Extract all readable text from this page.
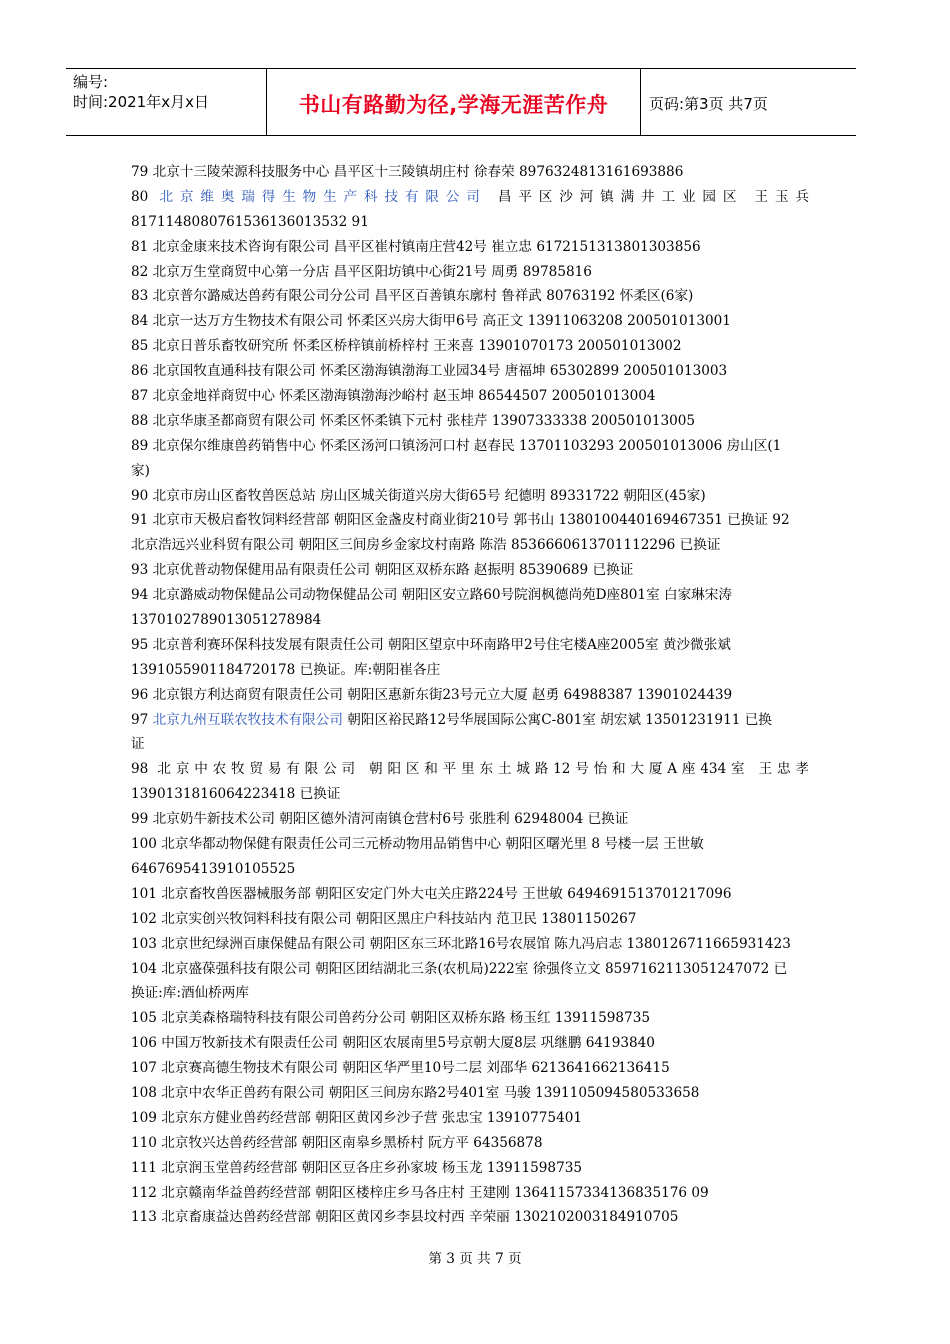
编号:
时间:2021年x月x日	书山有路勤为径,学海无涯苦作舟	页码:第3页 共7页
79 北京十三陵荣源科技服务中心 昌平区十三陵镇胡庄村 徐春荣 8976324813161693886
80 北京维奥瑞得生物生产科技有限公司 昌平区沙河镇满井工业园区 王玉兵
8171148080761536136013532 91
81 北京金康来技术咨询有限公司 昌平区崔村镇南庄营42号 崔立忠 6172151313801303856
82 北京万生堂商贸中心第一分店 昌平区阳坊镇中心街21号 周勇 89785816
83 北京普尔潞威达兽药有限公司分公司 昌平区百善镇东廓村 鲁祥武 80763192 怀柔区(6家)
84 北京一达万方生物技术有限公司 怀柔区兴房大街甲6号 高正文 13911063208 200501013001
85 北京日普乐畜牧研究所 怀柔区桥梓镇前桥梓村 王来喜 13901070173 200501013002
86 北京国牧直通科技有限公司 怀柔区渤海镇渤海工业园34号 唐福坤 65302899 200501013003
87 北京金地祥商贸中心 怀柔区渤海镇渤海沙峪村 赵玉坤 86544507 200501013004
88 北京华康圣都商贸有限公司 怀柔区怀柔镇下元村 张桂芹 13907333338 200501013005
89 北京保尔维康兽药销售中心 怀柔区汤河口镇汤河口村 赵春民 13701103293 200501013006 房山区(1
家)
90 北京市房山区畜牧兽医总站 房山区城关街道兴房大街65号 纪德明 89331722 朝阳区(45家)
91 北京市天极启畜牧饲料经营部 朝阳区金盏皮村商业街210号 郭书山 1380100440169467351 已换证 92
北京浩远兴业科贸有限公司 朝阳区三间房乡金家坟村南路 陈浩 8536660613701112296 已换证
93 北京优普动物保健用品有限责任公司 朝阳区双桥东路 赵振明 85390689 已换证
94 北京潞威动物保健品公司动物保健品公司 朝阳区安立路60号院润枫德尚苑D座801室 白家琳宋涛
1370102789013051278984
95 北京普利赛环保科技发展有限责任公司 朝阳区望京中环南路甲2号住宅楼A座2005室 黄沙微张斌
1391055901184720178 已换证。库:朝阳崔各庄
96 北京银方利达商贸有限责任公司 朝阳区惠新东街23号元立大厦 赵勇 64988387 13901024439
97 北京九州互联农牧技术有限公司 朝阳区裕民路12号华展国际公寓C-801室 胡宏斌 13501231911 已换
证
98 北京中农牧贸易有限公司 朝阳区和平里东土城路12号怡和大厦A座434室 王忠孝
1390131816064223418 已换证
99 北京奶牛新技术公司 朝阳区德外清河南镇仓营村6号 张胜利 62948004 已换证
100 北京华都动物保健有限责任公司三元桥动物用品销售中心 朝阳区曙光里 8 号楼一层 王世敏
6467695413910105525
101 北京畜牧兽医器械服务部 朝阳区安定门外大屯关庄路224号 王世敏 6494691513701217096
102 北京实创兴牧饲料科技有限公司 朝阳区黑庄户科技站内 范卫民 13801150267
103 北京世纪绿洲百康保健品有限公司 朝阳区东三环北路16号农展馆 陈九冯启志 1380126711665931423
104 北京盛葆强科技有限公司 朝阳区团结湖北三条(农机局)222室 徐强佟立文 8597162113051247072 已
换证:库:酒仙桥两库
105 北京美森格瑞特科技有限公司兽药分公司 朝阳区双桥东路 杨玉红 13911598735
106 中国万牧新技术有限责任公司 朝阳区农展南里5号京朝大厦8层 巩继鹏 64193840
107 北京赛高德生物技术有限公司 朝阳区华严里10号二层 刘邵华 6213641662136415
108 北京中农华正兽药有限公司 朝阳区三间房东路2号401室 马骏 1391105094580533658
109 北京东方健业兽药经营部 朝阳区黄冈乡沙子营 张忠宝 13910775401
110 北京牧兴达兽药经营部 朝阳区南皋乡黑桥村 阮方平 64356878
111 北京润玉堂兽药经营部 朝阳区豆各庄乡孙家坡 杨玉龙 13911598735
112 北京赣南华益兽药经营部 朝阳区楼梓庄乡马各庄村 王建刚 13641157334136835176 09
113 北京畜康益达兽药经营部 朝阳区黄冈乡李县坟村西 辛荣丽 1302102003184910705
第 3 页 共 7 页
